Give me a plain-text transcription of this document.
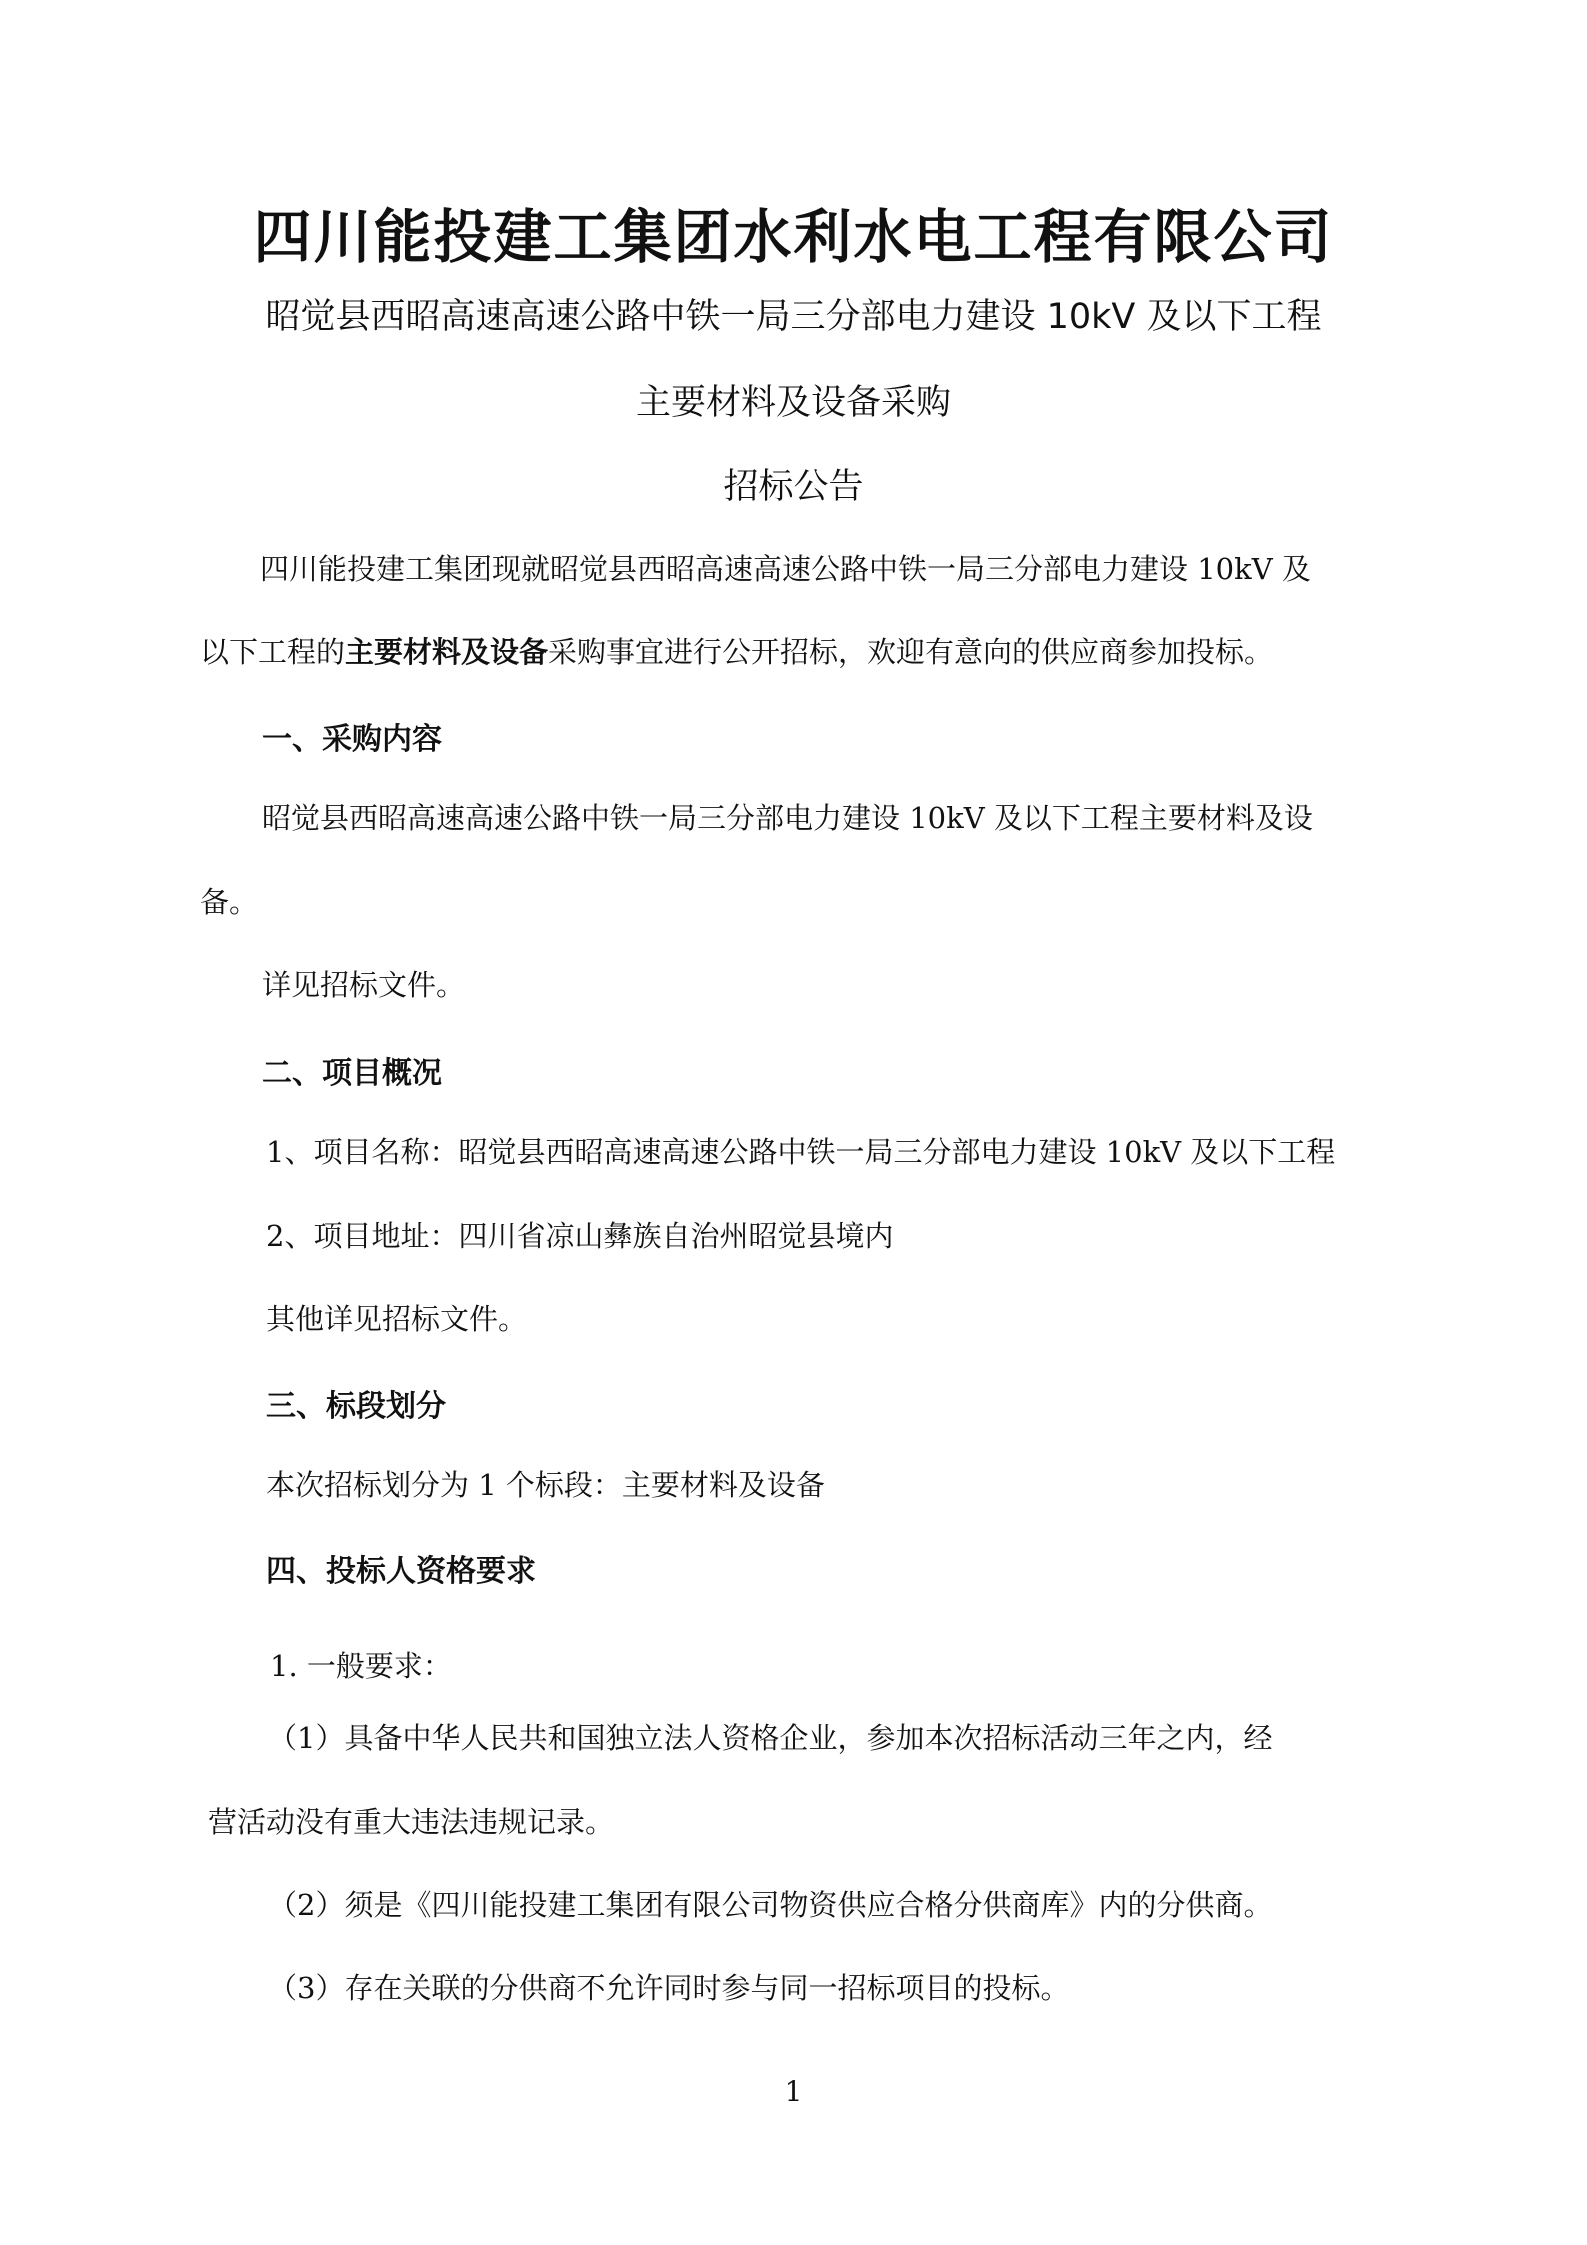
四川能投建工集团水利水电工程有限公司
昭觉县西昭高速高速公路中铁一局三分部电力建设 10kV 及以下工程
主要材料及设备采购
招标公告
四川能投建工集团现就昭觉县西昭高速高速公路中铁一局三分部电力建设 10kV 及
以下工程的主要材料及设备采购事宜进行公开招标，欢迎有意向的供应商参加投标。
一、采购内容
昭觉县西昭高速高速公路中铁一局三分部电力建设 10kV 及以下工程主要材料及设
备。
详见招标文件。
二、项目概况
1、项目名称：昭觉县西昭高速高速公路中铁一局三分部电力建设 10kV 及以下工程
2、项目地址：四川省凉山彝族自治州昭觉县境内
其他详见招标文件。
三、标段划分
本次招标划分为 1 个标段：主要材料及设备
四、投标人资格要求
1. 一般要求：
（1）具备中华人民共和国独立法人资格企业，参加本次招标活动三年之内，经
营活动没有重大违法违规记录。
（2）须是《四川能投建工集团有限公司物资供应合格分供商库》内的分供商。
（3）存在关联的分供商不允许同时参与同一招标项目的投标。
1
